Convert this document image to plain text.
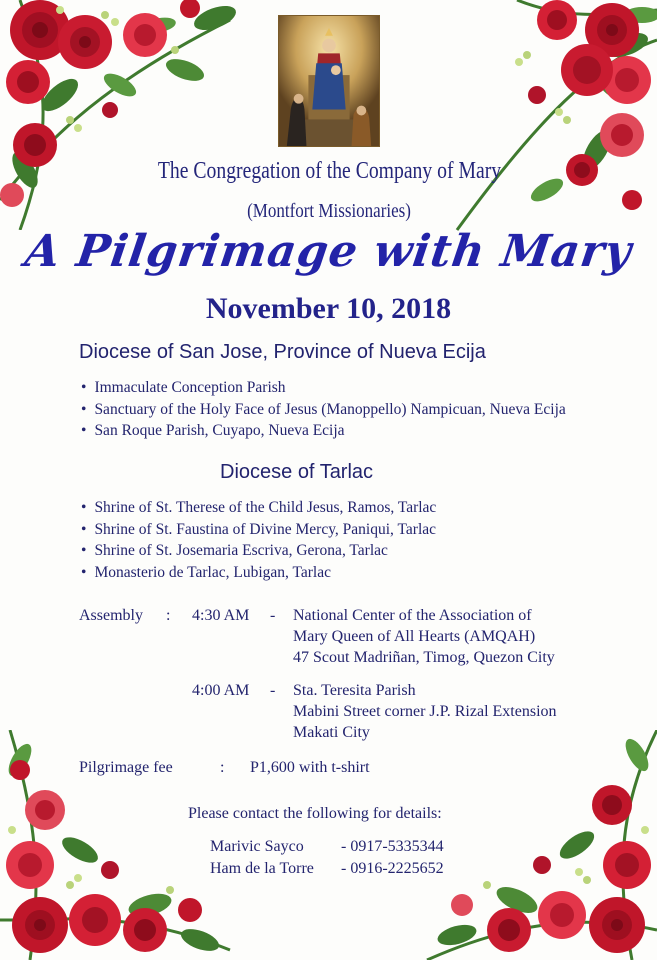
The Congregation of the Company of Mary
(Montfort Missionaries)
A Pilgrimage with Mary
November 10, 2018
Diocese of San Jose, Province of Nueva Ecija
• Immaculate Conception Parish
• Sanctuary of the Holy Face of Jesus (Manoppello) Nampicuan, Nueva Ecija
• San Roque Parish, Cuyapo, Nueva Ecija
Diocese of Tarlac
• Shrine of St. Therese of the Child Jesus, Ramos, Tarlac
• Shrine of St. Faustina of Divine Mercy, Paniqui, Tarlac
• Shrine of St. Josemaria Escriva, Gerona, Tarlac
• Monasterio de Tarlac, Lubigan, Tarlac
Assembly : 4:30 AM - National Center of the Association of
Mary Queen of All Hearts (AMQAH)
47 Scout Madriñan, Timog, Quezon City
4:00 AM - Sta. Teresita Parish
Mabini Street corner J.P. Rizal Extension
Makati City
Pilgrimage fee	: P1,600 with t-shirt
Please contact the following for details:
Marivic Sayco - 0917-5335344
Ham de la Torre - 0916-2225652
